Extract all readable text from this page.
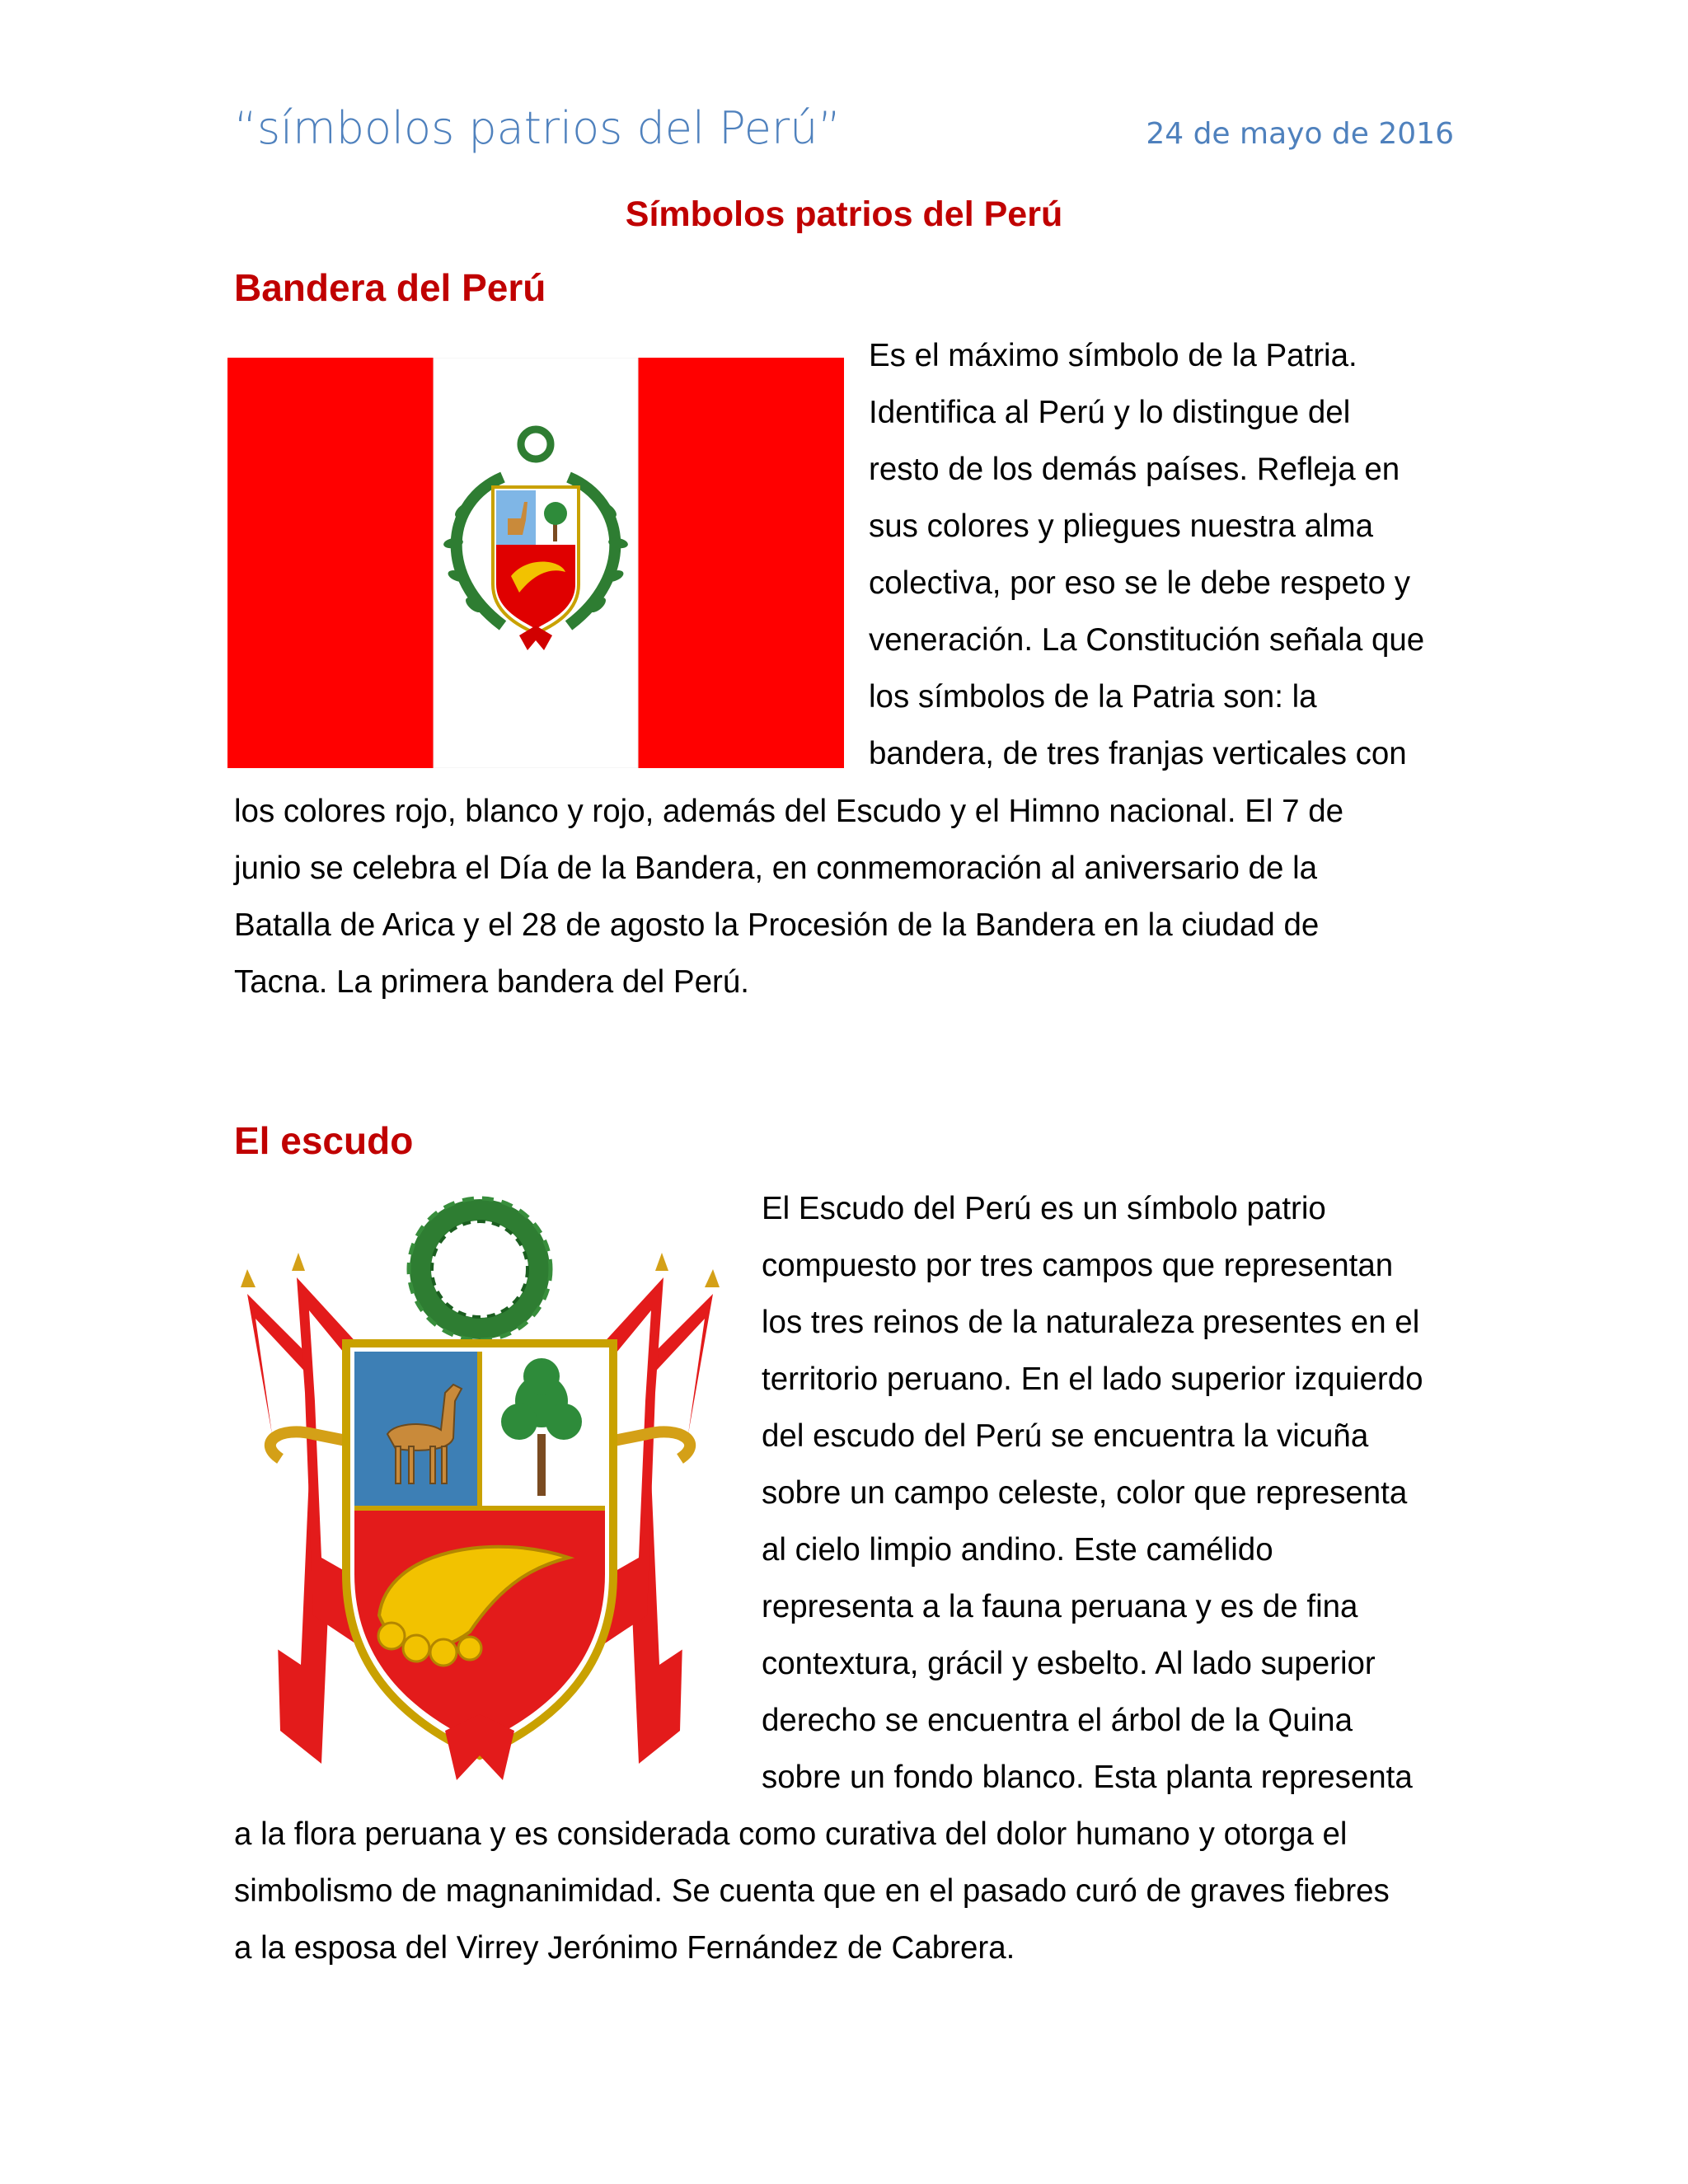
“símbolos patrios del Perú”	24 de mayo de 2016
Símbolos patrios del Perú
Bandera del Perú
Es el máximo símbolo de la Patria.
Identifica al Perú y lo distingue del
resto de los demás países. Refleja en
sus colores y pliegues nuestra alma
colectiva, por eso se le debe respeto y
veneración. La Constitución señala que
los símbolos de la Patria son: la
bandera, de tres franjas verticales con
los colores rojo, blanco y rojo, además del Escudo y el Himno nacional. El 7 de
junio se celebra el Día de la Bandera, en conmemoración al aniversario de la
Batalla de Arica y el 28 de agosto la Procesión de la Bandera en la ciudad de
Tacna. La primera bandera del Perú.
El escudo
El Escudo del Perú es un símbolo patrio
compuesto por tres campos que representan
los tres reinos de la naturaleza presentes en el
territorio peruano. En el lado superior izquierdo
del escudo del Perú se encuentra la vicuña
sobre un campo celeste, color que representa
al cielo limpio andino. Este camélido
representa a la fauna peruana y es de fina
contextura, grácil y esbelto. Al lado superior
derecho se encuentra el árbol de la Quina
sobre un fondo blanco. Esta planta representa
a la flora peruana y es considerada como curativa del dolor humano y otorga el
simbolismo de magnanimidad. Se cuenta que en el pasado curó de graves fiebres
a la esposa del Virrey Jerónimo Fernández de Cabrera.
